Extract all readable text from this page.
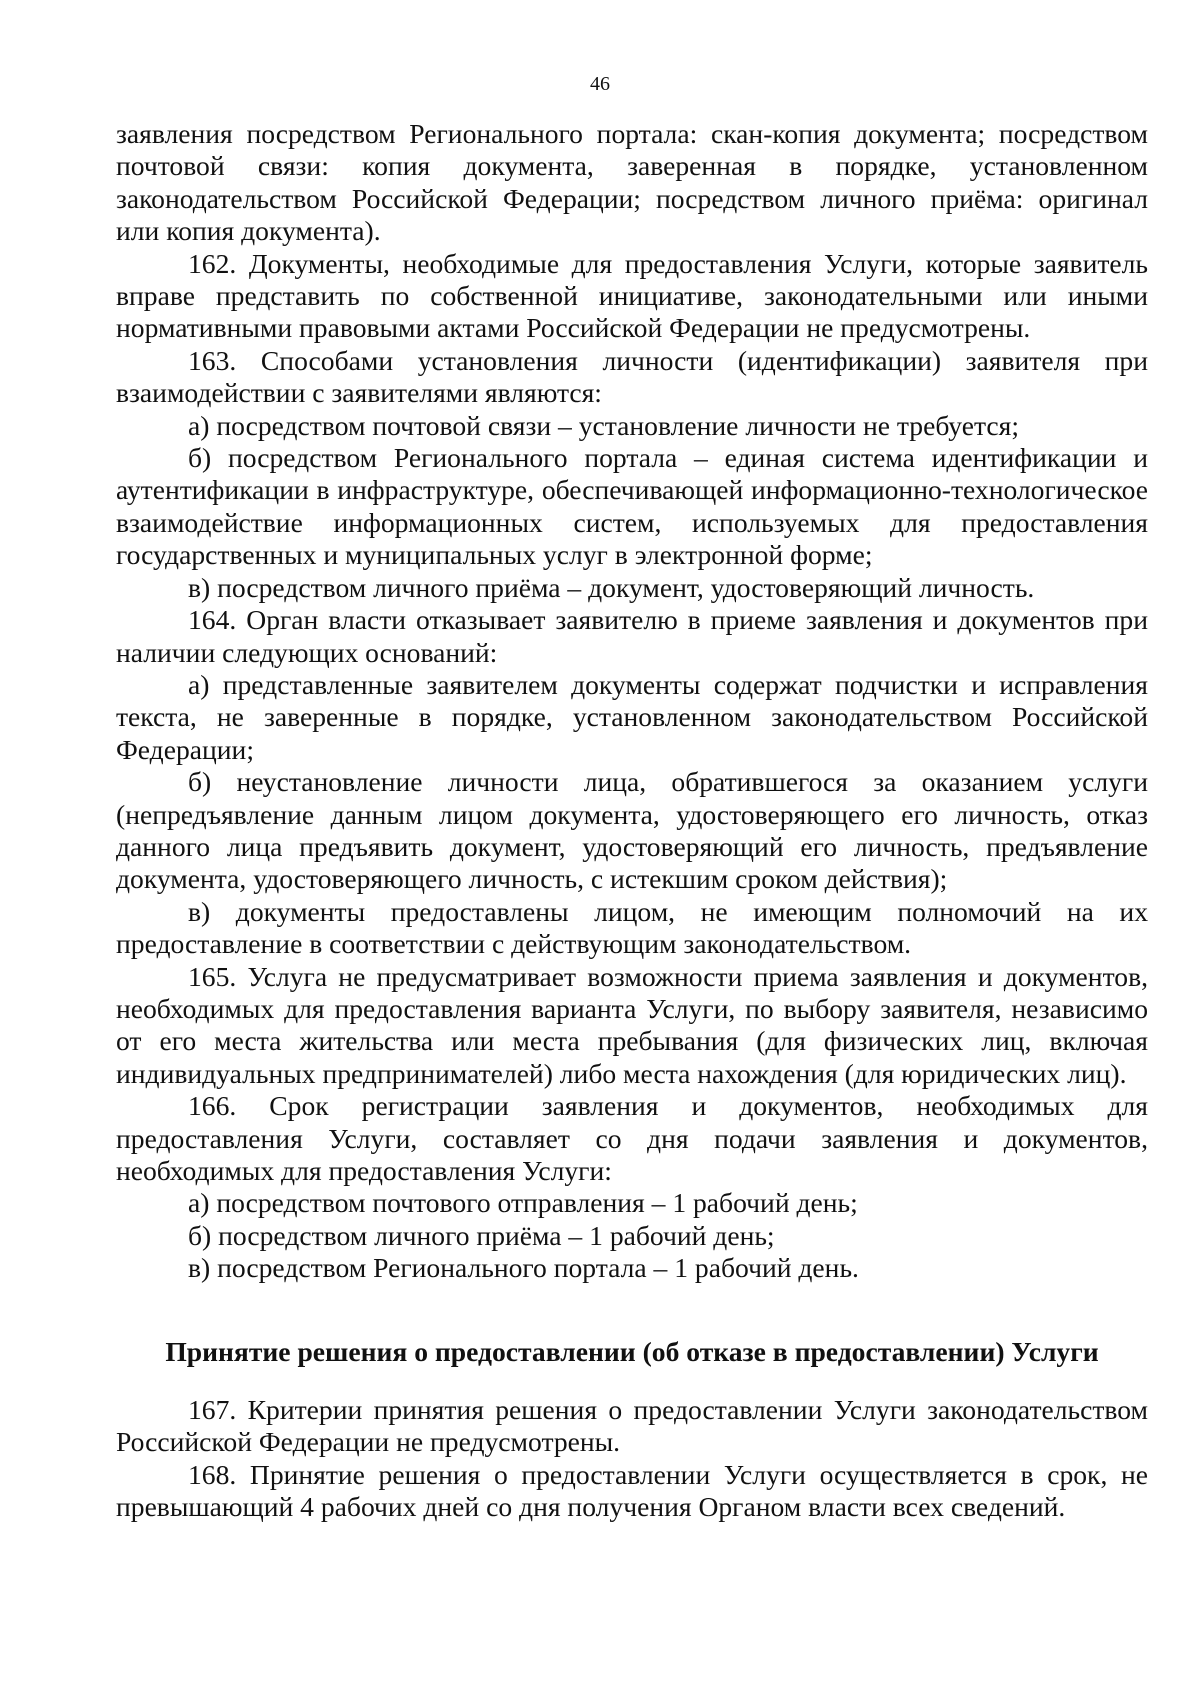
46

заявления посредством Регионального портала: скан-копия документа; посредством почтовой связи: копия документа, заверенная в порядке, установленном законодательством Российской Федерации; посредством личного приёма: оригинал или копия документа).

162. Документы, необходимые для предоставления Услуги, которые заявитель вправе представить по собственной инициативе, законодательными или иными нормативными правовыми актами Российской Федерации не предусмотрены.

163. Способами установления личности (идентификации) заявителя при взаимодействии с заявителями являются:

а) посредством почтовой связи – установление личности не требуется;

б) посредством Регионального портала – единая система идентификации и аутентификации в инфраструктуре, обеспечивающей информационно-технологическое взаимодействие информационных систем, используемых для предоставления государственных и муниципальных услуг в электронной форме;

в) посредством личного приёма – документ, удостоверяющий личность.

164. Орган власти отказывает заявителю в приеме заявления и документов при наличии следующих оснований:

а) представленные заявителем документы содержат подчистки и исправления текста, не заверенные в порядке, установленном законодательством Российской Федерации;

б) неустановление личности лица, обратившегося за оказанием услуги (непредъявление данным лицом документа, удостоверяющего его личность, отказ данного лица предъявить документ, удостоверяющий его личность, предъявление документа, удостоверяющего личность, с истекшим сроком действия);

в) документы предоставлены лицом, не имеющим полномочий на их предоставление в соответствии с действующим законодательством.

165. Услуга не предусматривает возможности приема заявления и документов, необходимых для предоставления варианта Услуги, по выбору заявителя, независимо от его места жительства или места пребывания (для физических лиц, включая индивидуальных предпринимателей) либо места нахождения (для юридических лиц).

166. Срок регистрации заявления и документов, необходимых для предоставления Услуги, составляет со дня подачи заявления и документов, необходимых для предоставления Услуги:

а) посредством почтового отправления – 1 рабочий день;

б) посредством личного приёма – 1 рабочий день;

в) посредством Регионального портала – 1 рабочий день.

Принятие решения о предоставлении (об отказе в предоставлении) Услуги

167. Критерии принятия решения о предоставлении Услуги законодательством Российской Федерации не предусмотрены.

168. Принятие решения о предоставлении Услуги осуществляется в срок, не превышающий 4 рабочих дней со дня получения Органом власти всех сведений.
